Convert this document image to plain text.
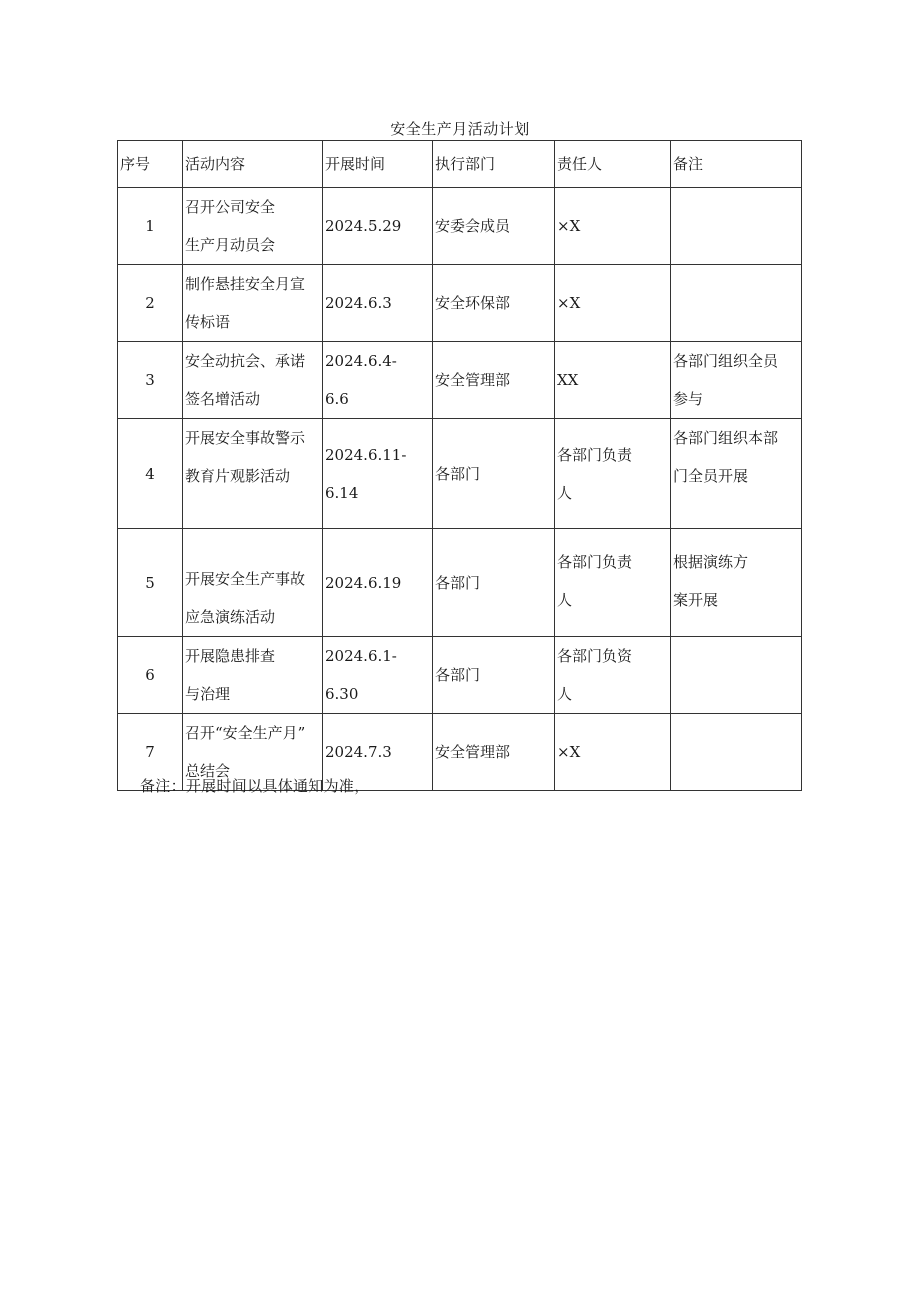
安全生产月活动计划
序号	活动内容	开展时间	执行部门	责任人	备注
1	召开公司安全
生产月动员会	2024.5.29	安委会成员	×X	

2	制作悬挂安全月宣
传标语	2024.6.3	安全环保部	×X	

3	安全动抗会、承诺
签名增活动	2024.6.4-
6.6	安全管理部	XX	各部门组织全员
参与

4	开展安全事故警示
教育片观影活动	2024.6.11-
6.14	各部门	各部门负责
人	各部门组织本部
门全员开展

5	开展安全生产事故
应急演练活动	2024.6.19	各部门	各部门负责
人	根据演练方
案开展

6	开展隐患排查
与治理	2024.6.1-
6.30	各部门	各部门负资
人	

7	召开“安全生产月”
总结会	2024.7.3	安全管理部	×X	

备注：开展时间以具体通知为准，
